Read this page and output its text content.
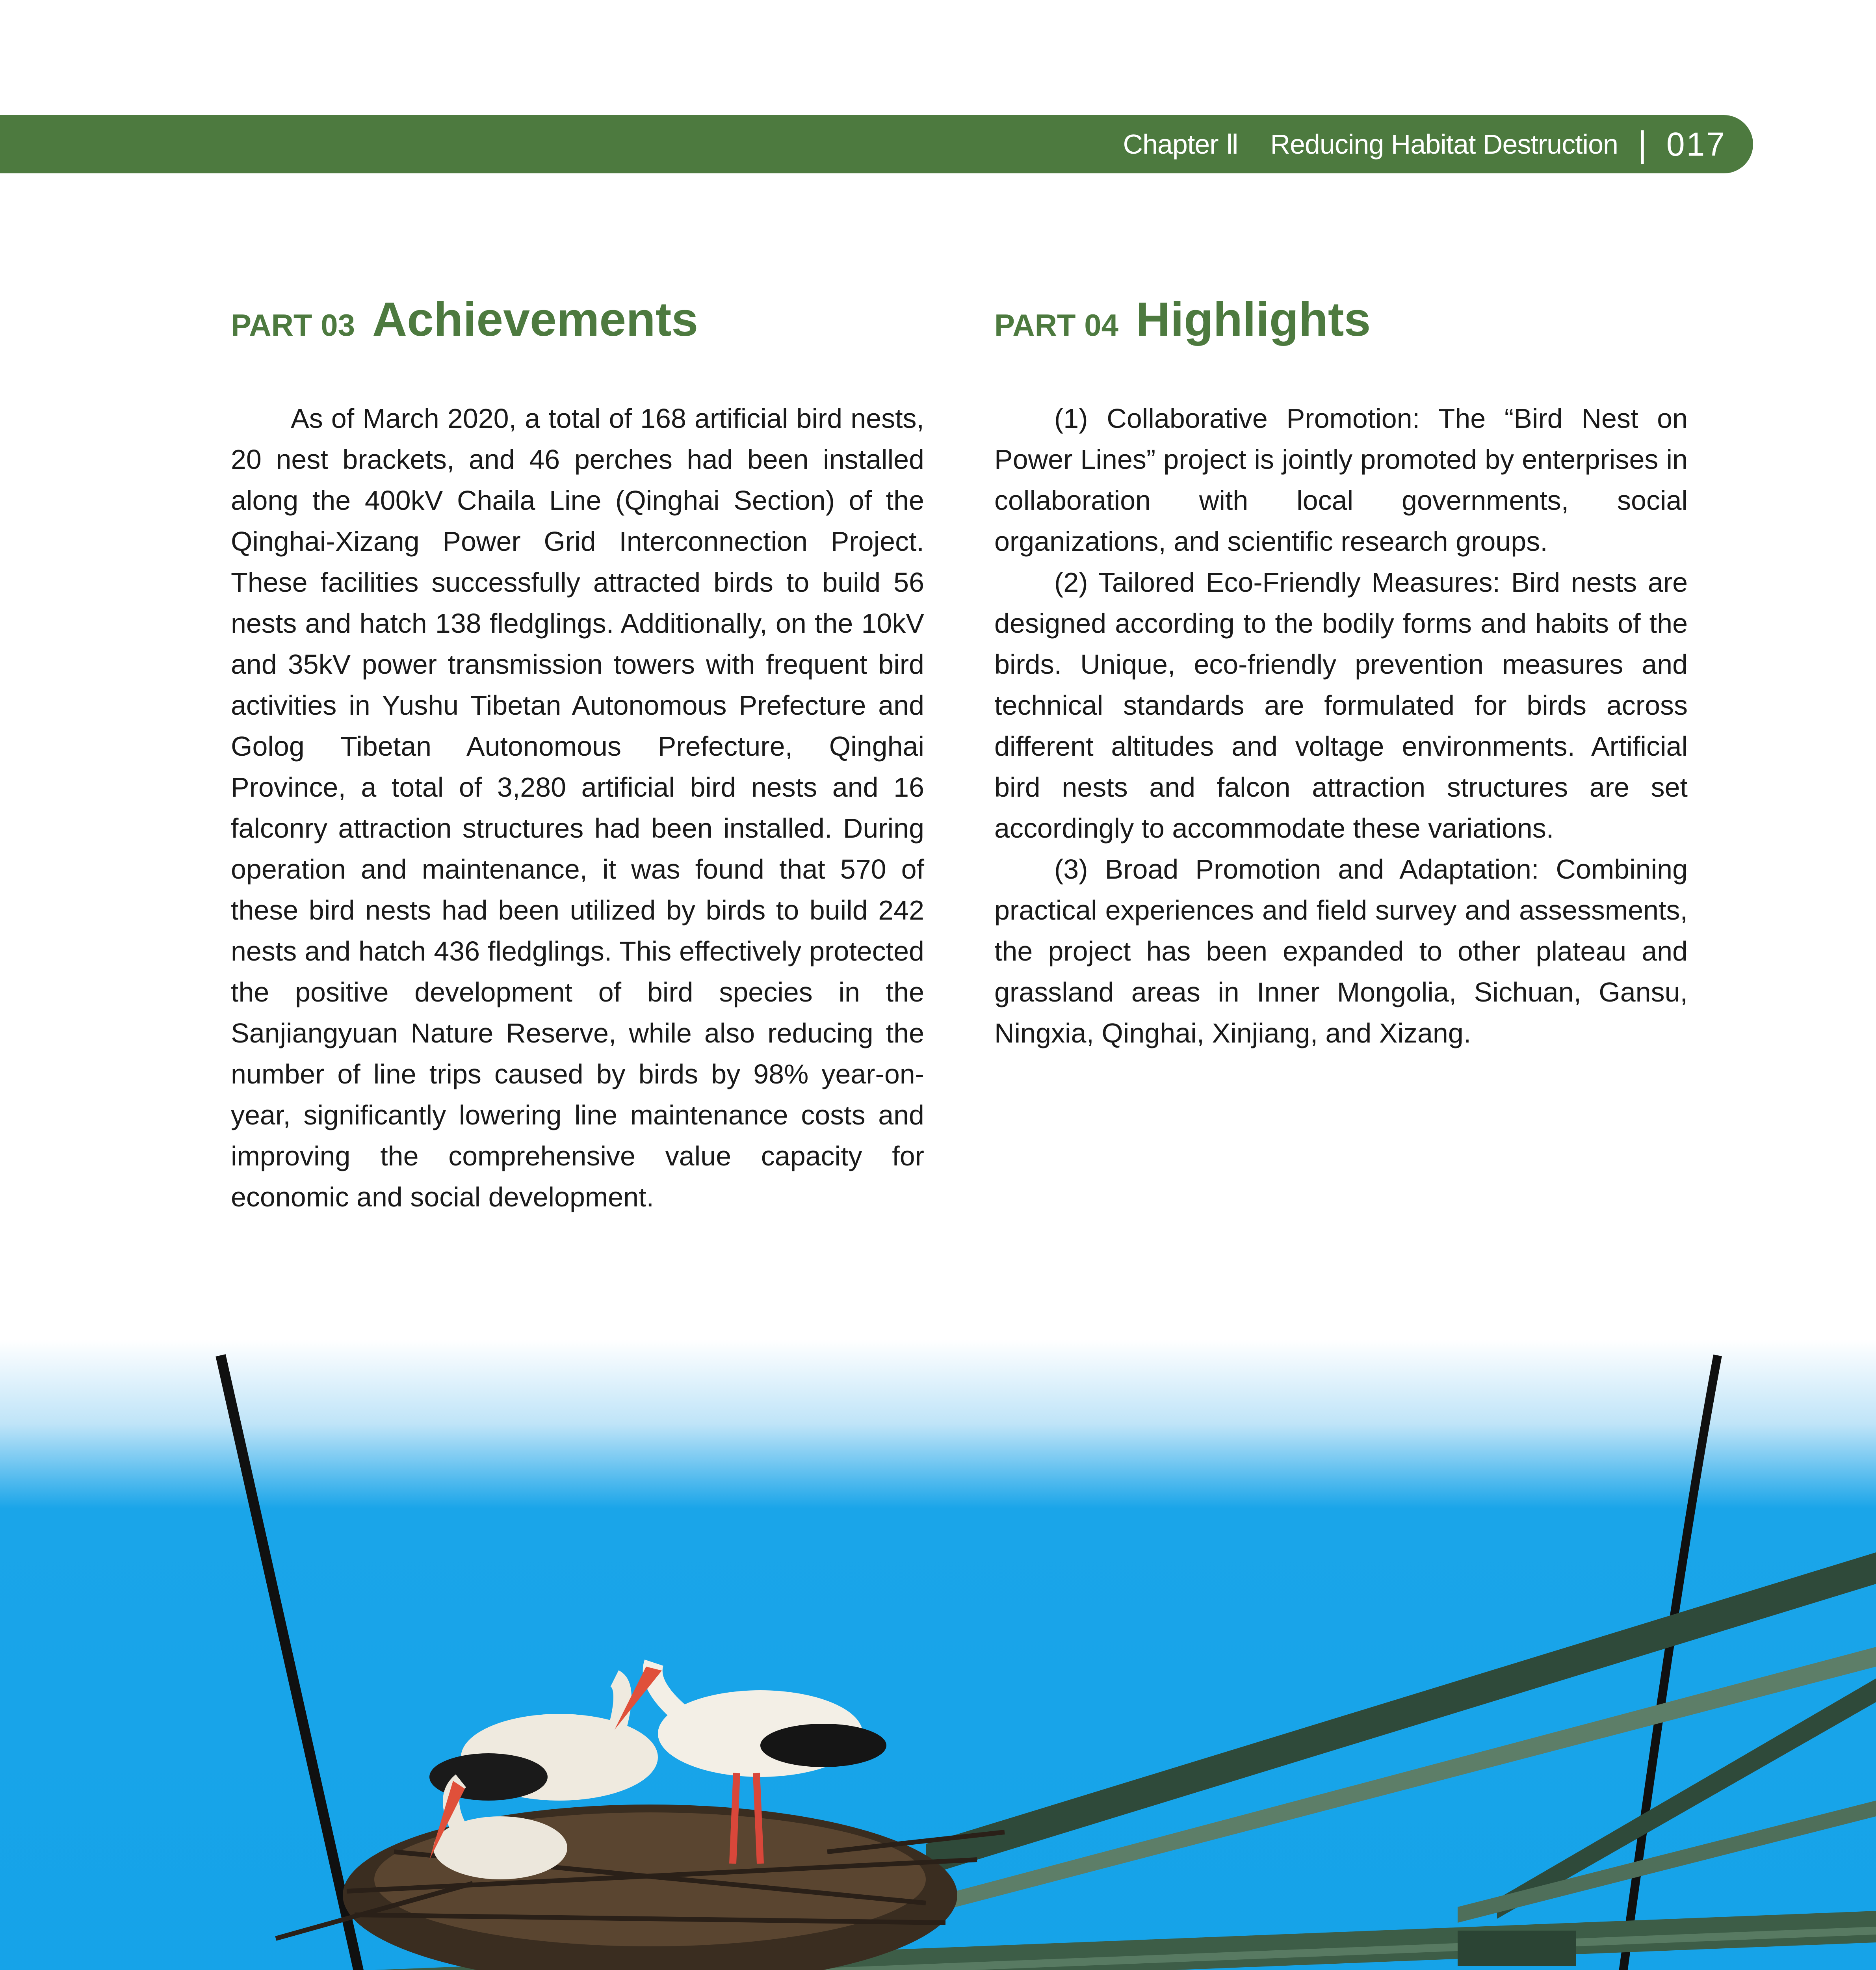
Chapter Ⅱ Reducing Habitat Destruction | 017
PART 03 Achievements

As of March 2020, a total of 168 artificial bird nests, 20 nest brackets, and 46 perches had been installed along the 400kV Chaila Line (Qinghai Section) of the Qinghai-Xizang Power Grid Interconnection Project. These facilities successfully attracted birds to build 56 nests and hatch 138 fledglings. Additionally, on the 10kV and 35kV power transmission towers with frequent bird activities in Yushu Tibetan Autonomous Prefecture and Golog Tibetan Autonomous Prefecture, Qinghai Province, a total of 3,280 artificial bird nests and 16 falconry attraction structures had been installed. During operation and maintenance, it was found that 570 of these bird nests had been utilized by birds to build 242 nests and hatch 436 fledglings. This effectively protected the positive development of bird species in the Sanjiangyuan Nature Reserve, while also reducing the number of line trips caused by birds by 98% year-on-year, significantly lowering line maintenance costs and improving the comprehensive value capacity for economic and social development.

PART 04 Highlights

(1) Collaborative Promotion: The “Bird Nest on Power Lines” project is jointly promoted by enterprises in collaboration with local governments, social organizations, and scientific research groups.

(2) Tailored Eco-Friendly Measures: Bird nests are designed according to the bodily forms and habits of the birds. Unique, eco-friendly prevention measures and technical standards are formulated for birds across different altitudes and voltage environments. Artificial bird nests and falcon attraction structures are set accordingly to accommodate these variations.

(3) Broad Promotion and Adaptation: Combining practical experiences and field survey and assessments, the project has been expanded to other plateau and grassland areas in Inner Mongolia, Sichuan, Gansu, Ningxia, Qinghai, Xinjiang, and Xizang.
